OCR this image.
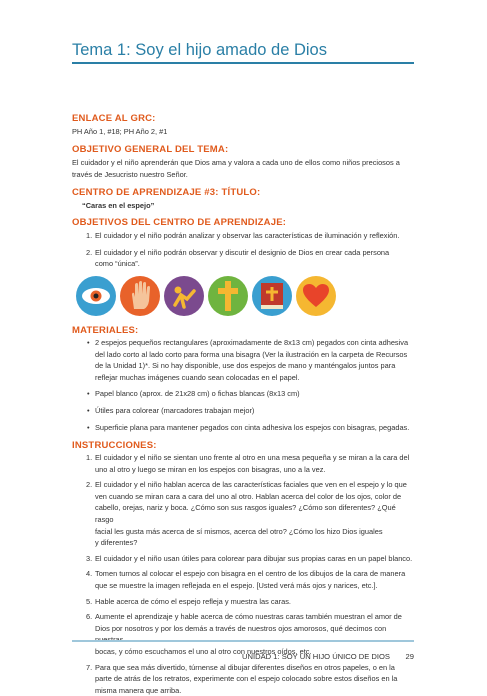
Tema 1: Soy el hijo amado de Dios

ENLACE AL GRC:

PH Año 1, #18; PH Año 2, #1

OBJETIVO GENERAL DEL TEMA:

El cuidador y el niño aprenderán que Dios ama y valora a cada uno de ellos como niños preciosos a

través de Jesucristo nuestro Señor.

CENTRO DE APRENDIZAJE #3: TÍTULO:

“Caras en el espejo”

OBJETIVOS DEL CENTRO DE APRENDIZAJE:

1. El cuidador y el niño podrán analizar y observar las características de iluminación y reflexión.
2. El cuidador y el niño podrán observar y discutir el designio de Dios en crear cada persona
como “única”.

MATERIALES:

• 2 espejos pequeños rectangulares (aproximadamente de 8x13 cm) pegados con cinta adhesiva
del lado corto al lado corto para forma una bisagra (Ver la ilustración en la carpeta de Recursos
de la Unidad 1)*. Si no hay disponible, use dos espejos de mano y manténgalos juntos para
reflejar muchas imágenes cuando sean colocadas en el papel.
• Papel blanco (aprox. de 21x28 cm) o fichas blancas (8x13 cm)
• Útiles para colorear (marcadores trabajan mejor)
• Superficie plana para mantener pegados con cinta adhesiva los espejos con bisagras, pegadas.

INSTRUCCIONES:

1. El cuidador y el niño se sientan uno frente al otro en una mesa pequeña y se miran a la cara del
uno al otro y luego se miran en los espejos con bisagras, uno a la vez.
2. El cuidador y el niño hablan acerca de las características faciales que ven en el espejo y lo que
ven cuando se miran cara a cara del uno al otro. Hablan acerca del color de los ojos, color de
cabello, orejas, nariz y boca. ¿Cómo son sus rasgos iguales? ¿Cómo son diferentes? ¿Qué rasgo
facial les gusta más acerca de sí mismos, acerca del otro? ¿Cómo los hizo Dios iguales
y diferentes?
3. El cuidador y el niño usan útiles para colorear para dibujar sus propias caras en un papel blanco.
4. Tomen turnos al colocar el espejo con bisagra en el centro de los dibujos de la cara de manera
que se muestre la imagen reflejada en el espejo. [Usted verá más ojos y narices, etc.].
5. Hable acerca de cómo el espejo refleja y muestra las caras.
6. Aumente el aprendizaje y hable acerca de cómo nuestras caras también muestran el amor de
Dios por nosotros y por los demás a través de nuestros ojos amorosos, qué decimos con
bocas, y cómo escuchamos el uno al otro con nuestros oídos, etc.
7. Para que sea más divertido, túrnense al dibujar diferentes diseños en otros papeles, o en la
parte de atrás de los retratos, experimente con el espejo colocado sobre estos diseños en la
misma manera que arriba.
UNIDAD 1: SOY UN HIJO ÚNICO DE DIOS 29
